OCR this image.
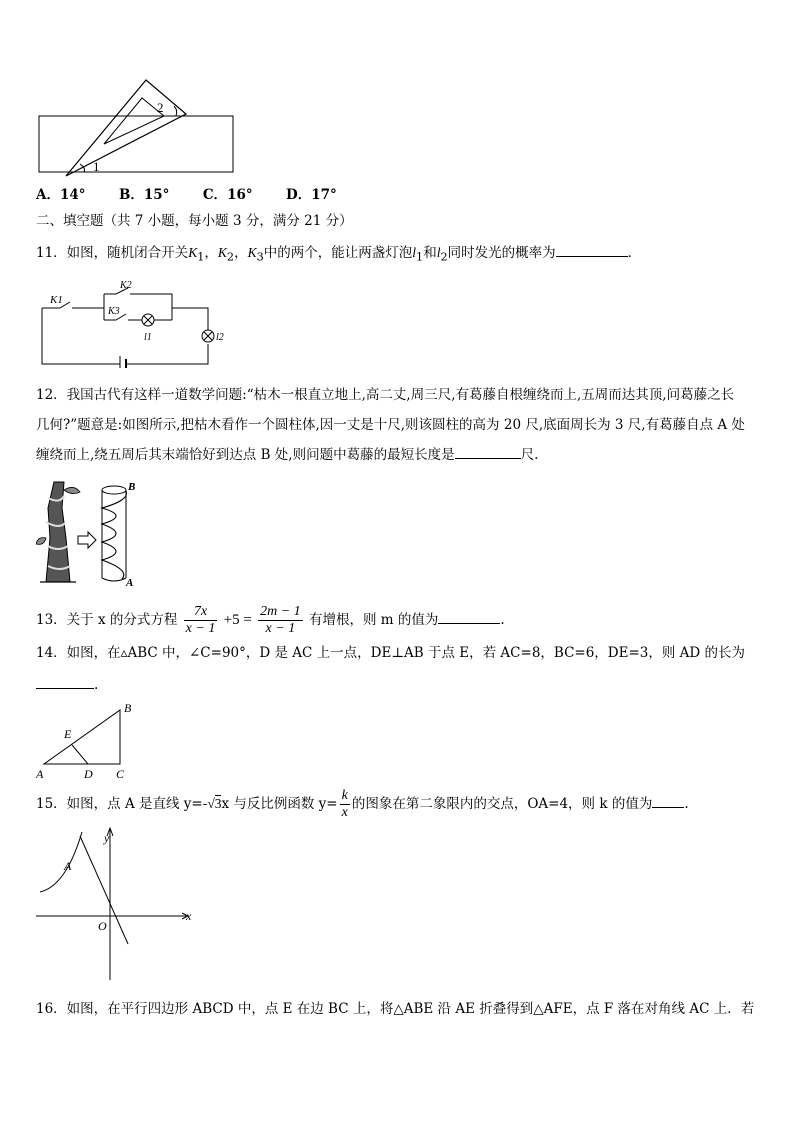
2
1
A．14° B．15° C．16° D．17°
二、填空题（共 7 小题，每小题 3 分，满分 21 分）
11．如图，随机闭合开关$K_1$，$K_2$，$K_3$中的两个，能让两盏灯泡$l_1$和$l_2$同时发光的概率为	．
K1
K2
K3
l1	l2
12．我国古代有这样一道数学问题:“枯木一根直立地上,高二丈,周三尺,有葛藤自根缠绕而上,五周而达其顶,问葛藤之长
几何?”题意是:如图所示,把枯木看作一个圆柱体,因一丈是十尺,则该圆柱的高为 20 尺,底面周长为 3 尺,有葛藤自点 A 处
缠绕而上,绕五周后其末端恰好到达点 B 处,则问题中葛藤的最短长度是	尺.
B
A
13．关于 x 的分式方程 $\frac{7x}{x - 1} +5 = \frac{2m - 1}{x - 1}$ 有增根，则 m 的值为	.
14．如图，在▵ABC 中，∠C=90°，D 是 AC 上一点，DE⊥AB 于点 E，若 AC=8，BC=6，DE=3，则 AD 的长为
.
A
B
C
D
E
15．如图，点 A 是直线 y=-√3x 与反比例函数 $y= \frac{k}{x}$ 的图象在第二象限内的交点，OA=4，则 k 的值为 .
y
x
O
A
16．如图，在平行四边形 ABCD 中，点 E 在边 BC 上，将△ABE 沿 AE 折叠得到△AFE，点 F 落在对角线 AC 上．若
